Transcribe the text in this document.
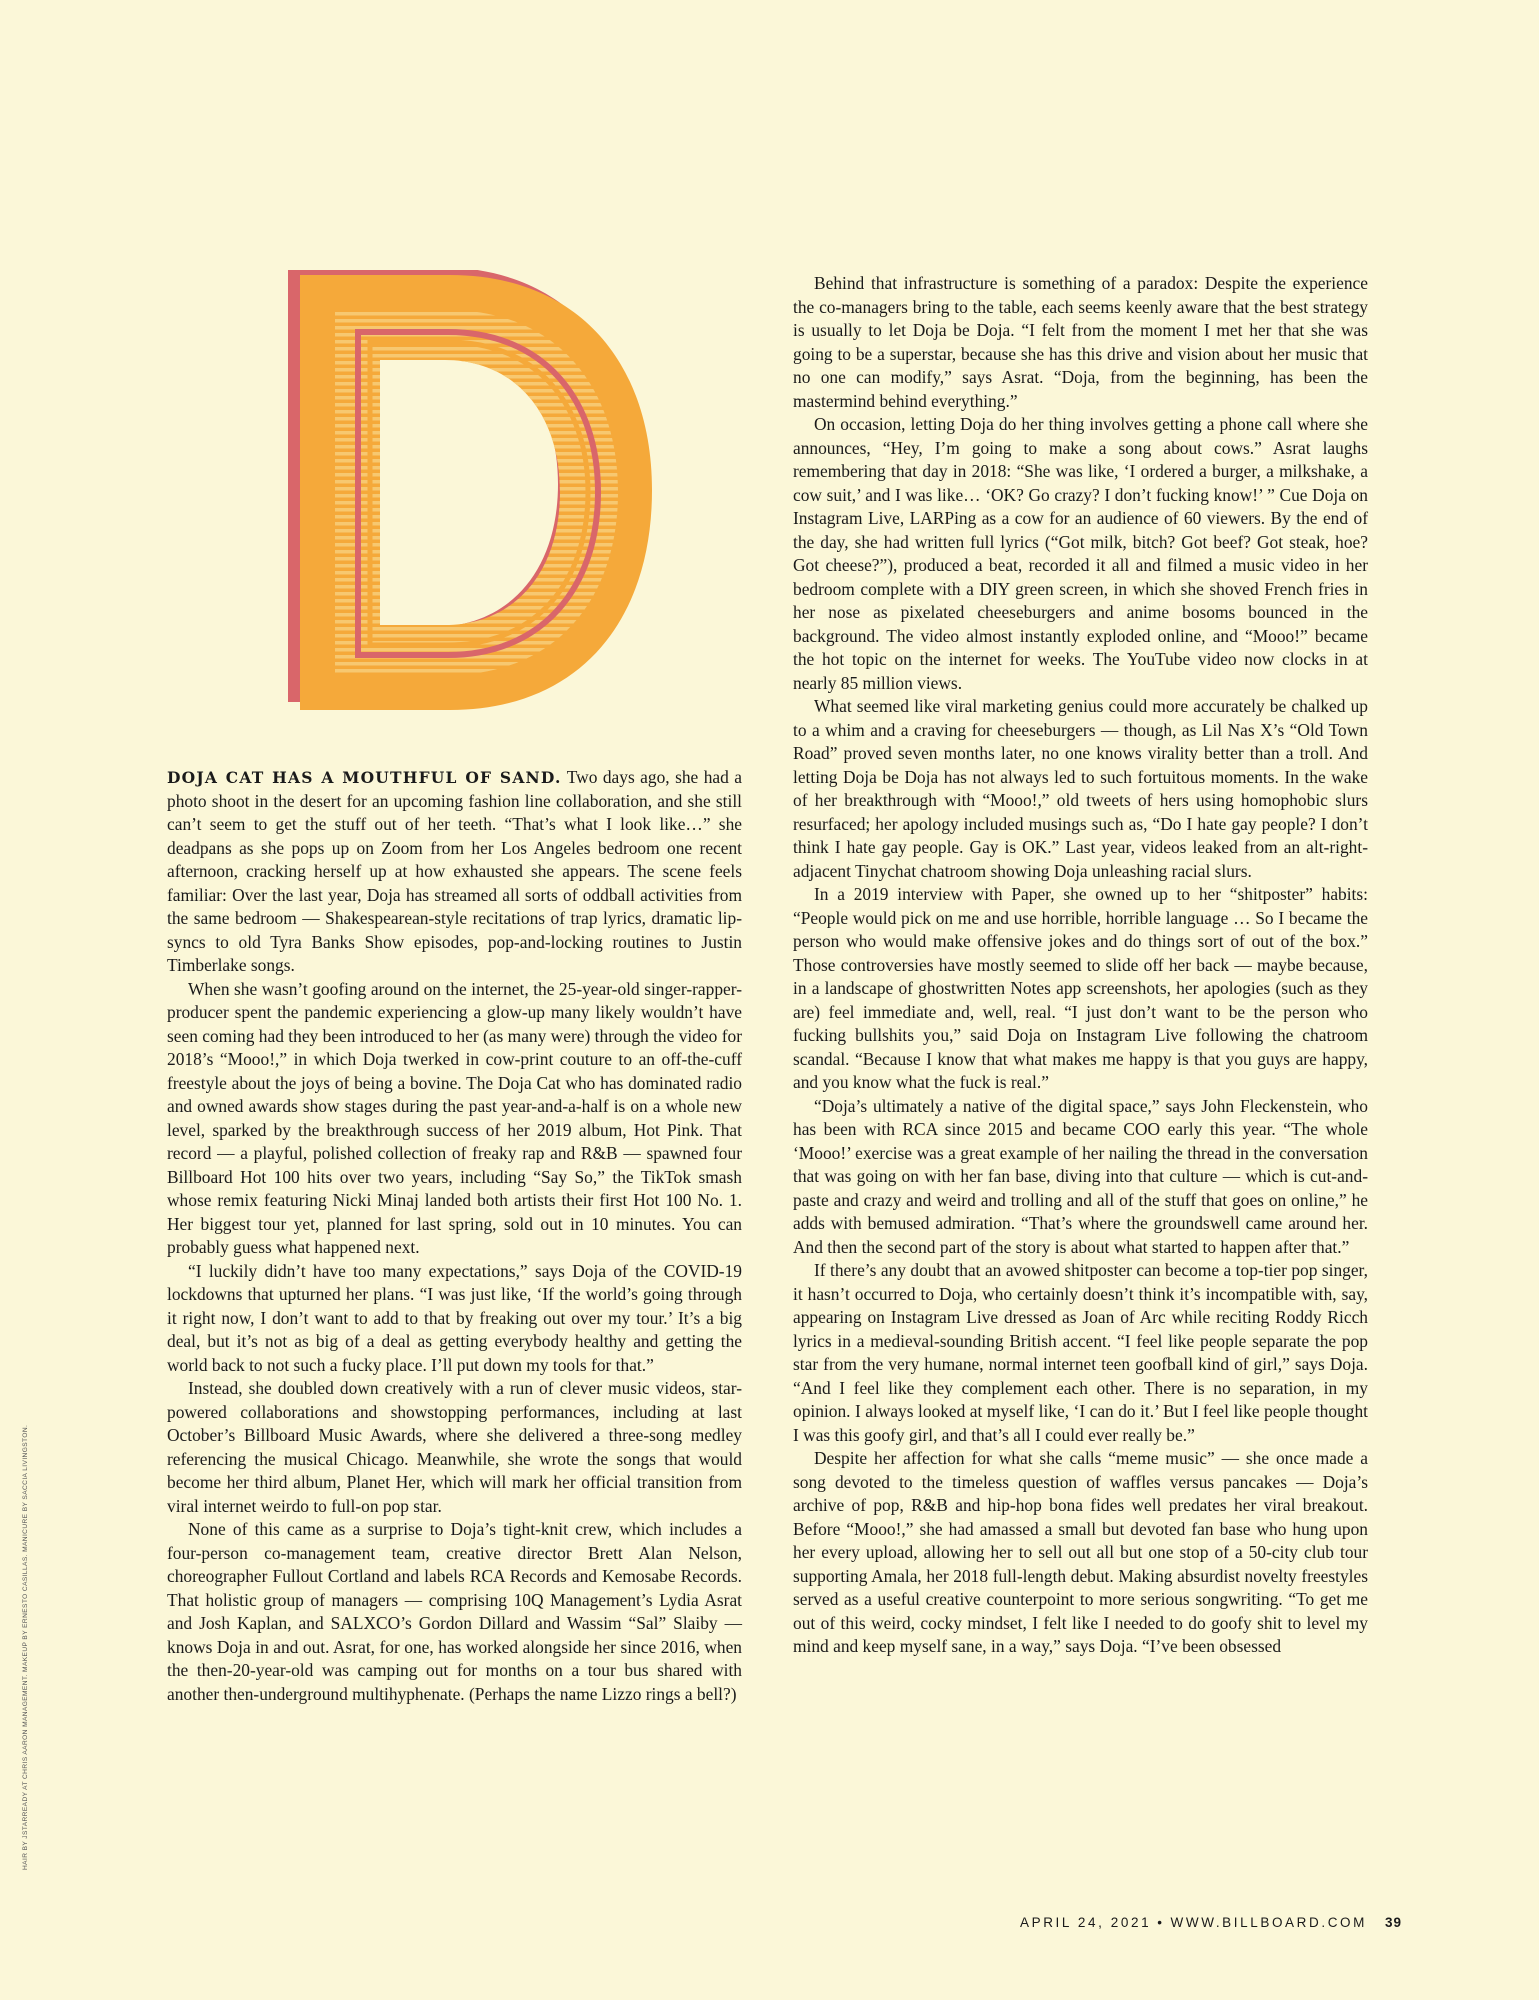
HAIR BY JSTARREADY AT CHRIS AARON MANAGEMENT. MAKEUP BY ERNESTO CASILLAS. MANICURE BY SACCIA LIVINGSTON.

DOJA CAT HAS A MOUTHFUL OF SAND. Two days ago, she had a photo shoot in the desert for an upcoming fashion line collaboration, and she still can’t seem to get the stuff out of her teeth. “That’s what I look like…” she deadpans as she pops up on Zoom from her Los Angeles bedroom one recent afternoon, cracking herself up at how exhausted she appears. The scene feels familiar: Over the last year, Doja has streamed all sorts of oddball activities from the same bedroom — Shakespearean-style recitations of trap lyrics, dramatic lip-syncs to old Tyra Banks Show episodes, pop-and-locking routines to Justin Timberlake songs.

When she wasn’t goofing around on the internet, the 25-year-old singer-rapper-producer spent the pandemic experiencing a glow-up many likely wouldn’t have seen coming had they been introduced to her (as many were) through the video for 2018’s “Mooo!,” in which Doja twerked in cow-print couture to an off-the-cuff freestyle about the joys of being a bovine. The Doja Cat who has dominated radio and owned awards show stages during the past year-and-a-half is on a whole new level, sparked by the breakthrough success of her 2019 album, Hot Pink. That record — a playful, polished collection of freaky rap and R&B — spawned four Billboard Hot 100 hits over two years, including “Say So,” the TikTok smash whose remix featuring Nicki Minaj landed both artists their first Hot 100 No. 1. Her biggest tour yet, planned for last spring, sold out in 10 minutes. You can probably guess what happened next.

“I luckily didn’t have too many expectations,” says Doja of the COVID-19 lockdowns that upturned her plans. “I was just like, ‘If the world’s going through it right now, I don’t want to add to that by freaking out over my tour.’ It’s a big deal, but it’s not as big of a deal as getting everybody healthy and getting the world back to not such a fucky place. I’ll put down my tools for that.”

Instead, she doubled down creatively with a run of clever music videos, star-powered collaborations and showstopping performances, including at last October’s Billboard Music Awards, where she delivered a three-song medley referencing the musical Chicago. Meanwhile, she wrote the songs that would become her third album, Planet Her, which will mark her official transition from viral internet weirdo to full-on pop star.

None of this came as a surprise to Doja’s tight-knit crew, which includes a four-person co-management team, creative director Brett Alan Nelson, choreographer Fullout Cortland and labels RCA Records and Kemosabe Records. That holistic group of managers — comprising 10Q Management’s Lydia Asrat and Josh Kaplan, and SALXCO’s Gordon Dillard and Wassim “Sal” Slaiby — knows Doja in and out. Asrat, for one, has worked alongside her since 2016, when the then-20-year-old was camping out for months on a tour bus shared with another then-underground multihyphenate. (Perhaps the name Lizzo rings a bell?)

Behind that infrastructure is something of a paradox: Despite the experience the co-managers bring to the table, each seems keenly aware that the best strategy is usually to let Doja be Doja. “I felt from the moment I met her that she was going to be a superstar, because she has this drive and vision about her music that no one can modify,” says Asrat. “Doja, from the beginning, has been the mastermind behind everything.”

On occasion, letting Doja do her thing involves getting a phone call where she announces, “Hey, I’m going to make a song about cows.” Asrat laughs remembering that day in 2018: “She was like, ‘I ordered a burger, a milkshake, a cow suit,’ and I was like… ‘OK? Go crazy? I don’t fucking know!’ ” Cue Doja on Instagram Live, LARPing as a cow for an audience of 60 viewers. By the end of the day, she had written full lyrics (“Got milk, bitch? Got beef? Got steak, hoe? Got cheese?”), produced a beat, recorded it all and filmed a music video in her bedroom complete with a DIY green screen, in which she shoved French fries in her nose as pixelated cheeseburgers and anime bosoms bounced in the background. The video almost instantly exploded online, and “Mooo!” became the hot topic on the internet for weeks. The YouTube video now clocks in at nearly 85 million views.

What seemed like viral marketing genius could more accurately be chalked up to a whim and a craving for cheeseburgers — though, as Lil Nas X’s “Old Town Road” proved seven months later, no one knows virality better than a troll. And letting Doja be Doja has not always led to such fortuitous moments. In the wake of her breakthrough with “Mooo!,” old tweets of hers using homophobic slurs resurfaced; her apology included musings such as, “Do I hate gay people? I don’t think I hate gay people. Gay is OK.” Last year, videos leaked from an alt-right-adjacent Tinychat chatroom showing Doja unleashing racial slurs.

In a 2019 interview with Paper, she owned up to her “shitposter” habits: “People would pick on me and use horrible, horrible language … So I became the person who would make offensive jokes and do things sort of out of the box.” Those controversies have mostly seemed to slide off her back — maybe because, in a landscape of ghostwritten Notes app screenshots, her apologies (such as they are) feel immediate and, well, real. “I just don’t want to be the person who fucking bullshits you,” said Doja on Instagram Live following the chatroom scandal. “Because I know that what makes me happy is that you guys are happy, and you know what the fuck is real.”

“Doja’s ultimately a native of the digital space,” says John Fleckenstein, who has been with RCA since 2015 and became COO early this year. “The whole ‘Mooo!’ exercise was a great example of her nailing the thread in the conversation that was going on with her fan base, diving into that culture — which is cut-and-paste and crazy and weird and trolling and all of the stuff that goes on online,” he adds with bemused admiration. “That’s where the groundswell came around her. And then the second part of the story is about what started to happen after that.”

If there’s any doubt that an avowed shitposter can become a top-tier pop singer, it hasn’t occurred to Doja, who certainly doesn’t think it’s incompatible with, say, appearing on Instagram Live dressed as Joan of Arc while reciting Roddy Ricch lyrics in a medieval-sounding British accent. “I feel like people separate the pop star from the very humane, normal internet teen goofball kind of girl,” says Doja. “And I feel like they complement each other. There is no separation, in my opinion. I always looked at myself like, ‘I can do it.’ But I feel like people thought I was this goofy girl, and that’s all I could ever really be.”

Despite her affection for what she calls “meme music” — she once made a song devoted to the timeless question of waffles versus pancakes — Doja’s archive of pop, R&B and hip-hop bona fides well predates her viral breakout. Before “Mooo!,” she had amassed a small but devoted fan base who hung upon her every upload, allowing her to sell out all but one stop of a 50-city club tour supporting Amala, her 2018 full-length debut. Making absurdist novelty freestyles served as a useful creative counterpoint to more serious songwriting. “To get me out of this weird, cocky mindset, I felt like I needed to do goofy shit to level my mind and keep myself sane, in a way,” says Doja. “I’ve been obsessed

APRIL 24, 2021 • WWW.BILLBOARD.COM 39
